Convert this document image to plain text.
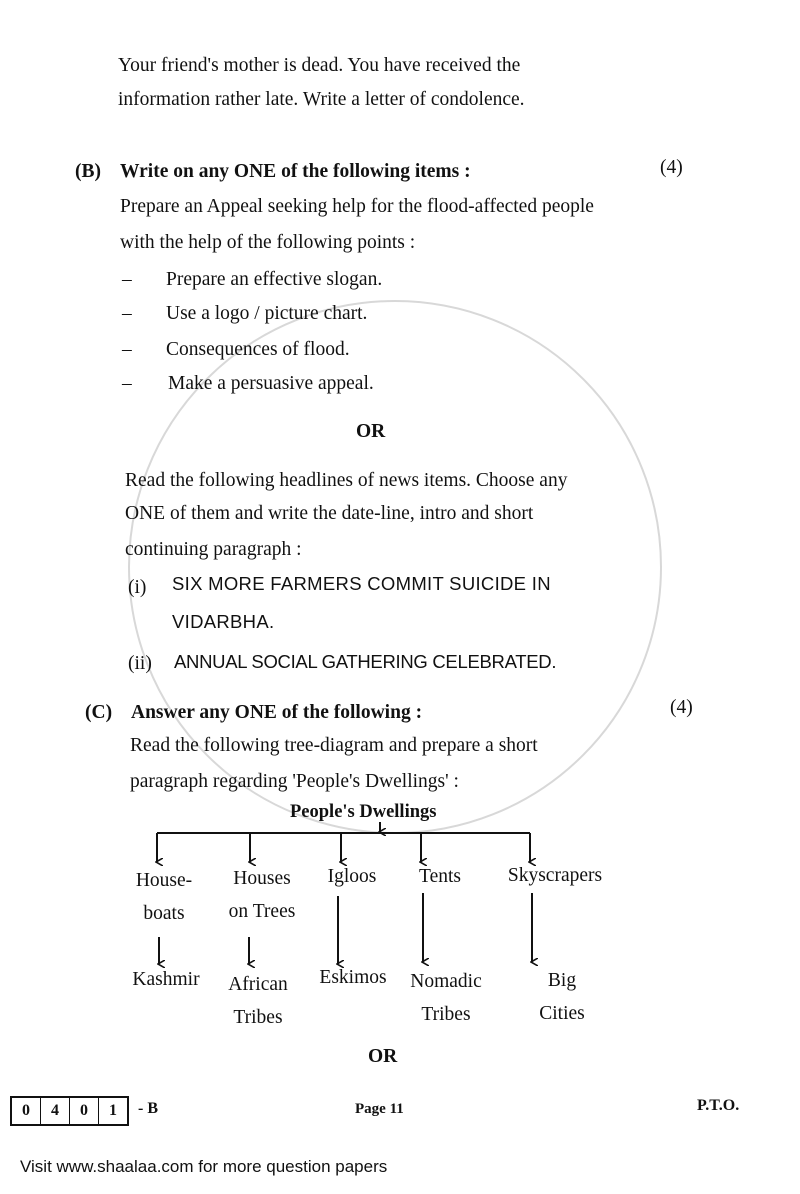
Your friend's mother is dead. You have received the
information rather late. Write a letter of condolence.
(B) Write on any ONE of the following items :	(4)
Prepare an Appeal seeking help for the flood-affected people
with the help of the following points :
– Prepare an effective slogan.
– Use a logo / picture chart.
– Consequences of flood.
– Make a persuasive appeal.
OR
Read the following headlines of news items. Choose any
ONE of them and write the date-line, intro and short
continuing paragraph :
(i) SIX MORE FARMERS COMMIT SUICIDE IN
VIDARBHA.
(ii) ANNUAL SOCIAL GATHERING CELEBRATED.
(C) Answer any ONE of the following :	(4)
Read the following tree-diagram and prepare a short
paragraph regarding 'People's Dwellings' :
People's Dwellings
House-
boats
Houses
on Trees
Igloos	Tents	Skyscrapers
Kashmir	African
Tribes
Eskimos	Nomadic
Tribes
Big
Cities
OR
0	4	0	1	- B	Page 11	P.T.O.
Visit www.shaalaa.com for more question papers
